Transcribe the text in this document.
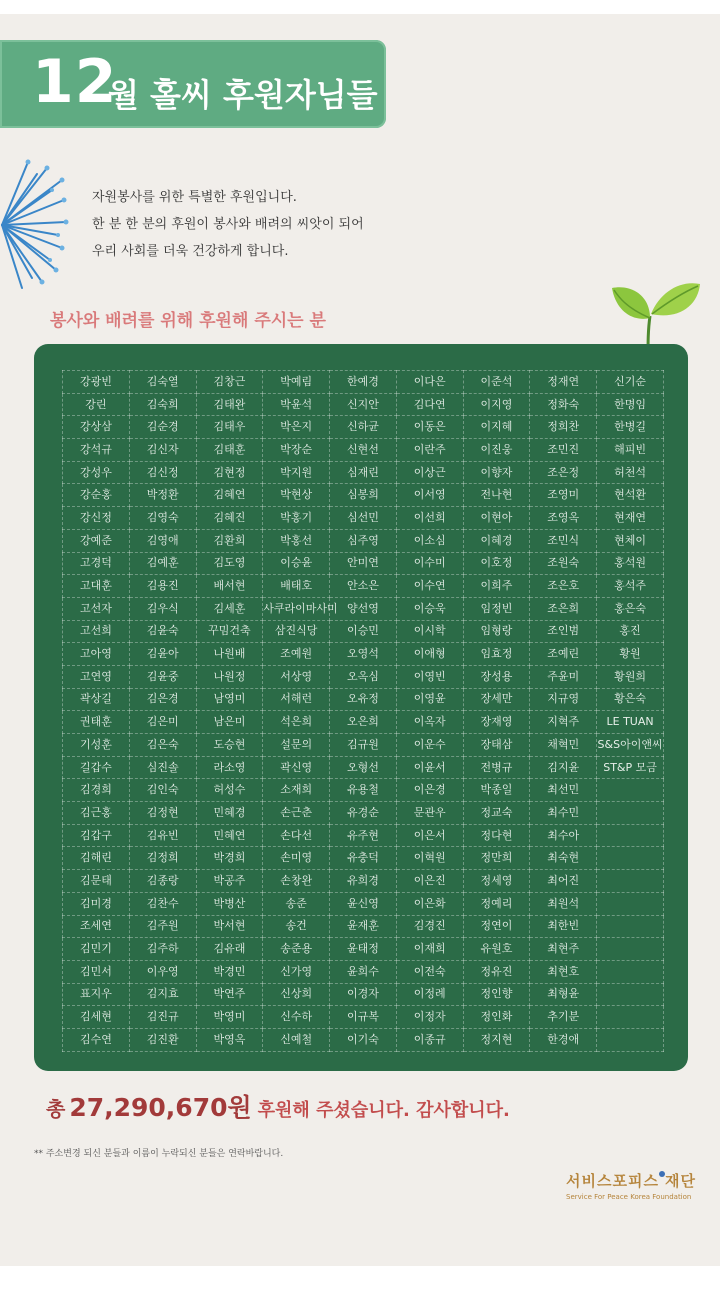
12
월 홀씨 후원자님들

자원봉사를 위한 특별한 후원입니다.

한 분 한 분의 후원이 봉사와 배려의 씨앗이 되어

우리 사회를 더욱 건강하게 합니다.

봉사와 배려를 위해 후원해 주시는 분
강광빈	김숙열	김창근	박예림	한예경	이다은	이준석	정재연	신기순
강린	김숙희	김태완	박윤석	신지안	김다연	이지영	정화숙	한명임
강상삼	김순경	김태우	박은지	신하균	이동은	이지혜	정희찬	한병길
강석규	김신자	김태훈	박장순	신현선	이란주	이진웅	조민진	해피빈
강성우	김신정	김현정	박지원	심재린	이상근	이향자	조은정	허천석
강순홍	박정환	김혜연	박현상	심봉희	이서영	전나현	조영미	현석환
강신정	김영숙	김혜진	박홍기	심선민	이선희	이현아	조영옥	현재연
강예준	김영애	김환희	박홍선	심주영	이소심	이혜경	조민식	현체이
고경덕	김예훈	김도영	이승윤	안미연	이수미	이호정	조원숙	홍석원
고대훈	김용진	배서현	배태호	안소은	이수연	이희주	조은호	홍석주
고선자	김우식	김세훈	사쿠라이마사미	양선영	이승욱	임정빈	조은희	홍은숙
고선희	김윤숙	꾸밈건축	삼진식당	이승민	이시학	임형랑	조인범	홍진
고아영	김윤아	나원배	조예원	오영석	이애형	임효정	조예린	황원
고연영	김윤중	나원정	서상영	오옥심	이영빈	장성용	주윤미	황원희
곽상길	김은경	남영미	서해런	오유정	이영윤	장세만	지규영	황은숙
권태훈	김은미	남은미	석은희	오은희	이옥자	장재영	지혁주	LE TUAN
기성훈	김은숙	도승현	설문의	김규원	이운수	장태삼	채혁민	S&S아이앤씨
길갑수	심진솔	라소영	곽신영	오형선	이윤서	전병규	김지윤	ST&P 모금
김경희	김인숙	허성수	소재희	유용철	이은경	박종일	최선민	
김근홍	김정현	민혜경	손근춘	유경순	문관우	정교숙	최수민	
김갑구	김유빈	민혜연	손다선	유주현	이은서	정다현	최수아	
김해린	김정희	박경희	손미영	유충덕	이혁원	정만희	최숙현	
김문태	김종랑	박공주	손창완	유희경	이은진	정세영	최어진	
김미경	김찬수	박병산	송준	윤신영	이은화	정예리	최원석	
조세연	김주원	박서현	송건	윤재훈	김경진	정연이	최한빈	
김민기	김주하	김유래	송준용	윤태정	이재희	유원호	최현주	
김민서	이우영	박경민	신가영	윤희수	이전숙	정유진	최현호	
표지우	김지효	박연주	신상희	이경자	이정례	정인향	최형윤	
김세현	김진규	박영미	신수하	이규복	이정자	정인화	추기분	
김수연	김진환	박영옥	신예철	이기숙	이종규	정지현	한경애	
총 27,290,670원 후원해 주셨습니다. 감사합니다.
** 주소변경 되신 분들과 이름이 누락되신 분들은 연락바랍니다.
서비스포피스 재단
Service For Peace Korea Foundation
